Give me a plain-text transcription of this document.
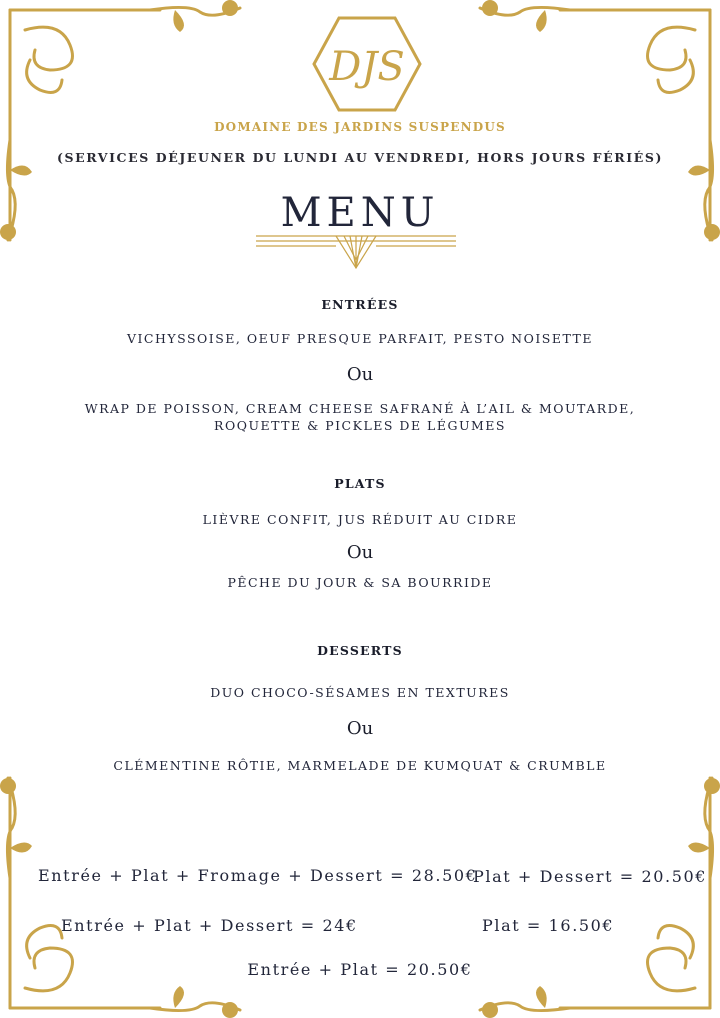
DJS
DOMAINE DES JARDINS SUSPENDUS
(SERVICES DÉJEUNER DU LUNDI AU VENDREDI, HORS JOURS FÉRIÉS)
MENU
ENTRÉES
VICHYSSOISE, OEUF PRESQUE PARFAIT, PESTO NOISETTE
Ou
WRAP DE POISSON, CREAM CHEESE SAFRANÉ À L’AIL & MOUTARDE,
ROQUETTE & PICKLES DE LÉGUMES
PLATS
LIÈVRE CONFIT, JUS RÉDUIT AU CIDRE
Ou
PÊCHE DU JOUR & SA BOURRIDE
DESSERTS
DUO CHOCO-SÉSAMES EN TEXTURES
Ou
CLÉMENTINE RÔTIE, MARMELADE DE KUMQUAT & CRUMBLE
Entrée + Plat + Fromage + Dessert = 28.50€
Plat + Dessert = 20.50€
Entrée + Plat + Dessert = 24€	Plat = 16.50€
Entrée + Plat = 20.50€
